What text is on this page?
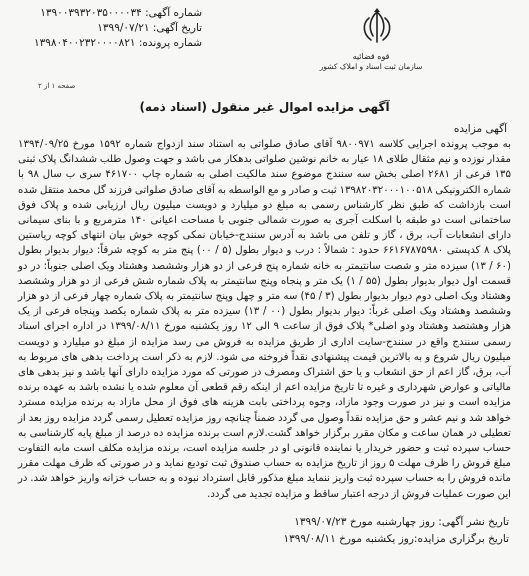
شماره آگهی: ۱۳۹۰۰۳۹۳۲۰۳۵۰۰۰۰۳۴
تاریخ آگهی: ۱۳۹۹/۰۷/۲۱
شماره پرونده: ۱۳۹۸۰۴۰۰۲۳۲۰۰۰۰۸۲۱
قوه قضائیه
سازمان ثبت اسناد و املاک کشور
صفحه ۱ از ۲
آگهی مزایده اموال غیر منقول (اسناد ذمه)
آگهی مزایده
به موجب پرونده اجرایی کلاسه ۹۸۰۰۹۷۱ آقای صادق صلواتی به استناد سند ازدواج شماره ۱۵۹۲ مورخ ۱۳۹۴/۰۹/۲۵ مقدار نوزده و نیم مثقال طلای ۱۸ عیار به خانم نوشین صلواتی بدهکار می باشد و جهت وصول طلب ششدانگ پلاک ثبتی ۱۳۵ فرعی از ۲۶۸۱ اصلی بخش سه سنندج موضوع سند مالکیت اصلی به شماره چاپ ۴۶۱۷۰۰ سری ب سال ۹۸ با شماره الکترونیکی ۱۳۹۸۲۰۳۲۰۰۰۱۰۰۵۱۸ ثبت و صادر و مع الواسطه به آقای صادق صلواتی فرزند گل محمد منتقل شده است بازداشت که طبق نظر کارشناس رسمی به مبلغ دو میلیارد و دویست میلیون ریال ارزیابی شده و پلاک فوق ساختمانی است دو طبقه با اسکلت آجری به صورت شمالی جنوبی با مساحت اعیانی ۱۴۰ مترمربع و با بنای سیمانی دارای انشعابات آب، برق ، گاز و تلفن می باشد به آدرس سنندج-خیابان نمکی کوچه خوش بیان انتهای کوچه ریاستین پلاک ۸ کدپستی ۶۶۱۶۷۸۷۵۹۸۰ حدود : شمالاً : درب و دیوار بطول (۵ / ۰۰) پنج متر به کوچه شرقاً: دیوار بدیوار بطول (۶۰ / ۱۳) سیزده متر و شصت سانتیمتر به خانه شماره پنج فرعی از دو هزار وششصد وهشتاد ویک اصلی جنوباً: در دو قسمت اول دیوار بدیوار بطول (۵۵ / ۱) یک متر و پنجاه وپنج سانتیمتر به پلاک شماره شش فرعی از دو هزار وششصد وهشتاد ویک اصلی دوم دیوار بدیوار بطول (۳ / ۴۵) سه متر و چهل وپنج سانتیمتر به پلاک شماره چهار فرعی از دو هزار وششصد وهشتاد ویک اصلی غرباً: دیوار بدیوار بطول (۰۰ / ۱۳) سیزده متر به پلاک شماره یکصد وپنجاه فرعی از یک هزار وهشتصد وهشتاد ودو اصلی* پلاک فوق از ساعت ۹ الی ۱۲ روز یکشنبه مورخ ۱۳۹۹/۰۸/۱۱ در اداره اجرای اسناد رسمی سنندج واقع در سنندج-سایت اداری از طریق مزایده به فروش می رسد مزایده از مبلغ دو میلیارد و دویست میلیون ریال شروع و به بالاترین قیمت پیشنهادی نقداً فروخته می شود. لازم به ذکر است پرداخت بدهی های مربوط به آب، برق، گاز اعم از حق انشعاب و یا حق اشتراک ومصرف در صورتی که مورد مزایده دارای آنها باشد و نیز بدهی های مالیاتی و عوارض شهرداری و غیره تا تاریخ مزایده اعم از اینکه رقم قطعی آن معلوم شده یا نشده باشد به عهده برنده مزایده است و نیز در صورت وجود مازاد، وجوه پرداختی بابت هزینه های فوق از محل مازاد به برنده مزایده مسترد خواهد شد و نیم عشر و حق مزایده نقداً وصول می گردد ضمناً چنانچه روز مزایده تعطیل رسمی گردد مزایده روز بعد از تعطیلی در همان ساعت و مکان مقرر برگزار خواهد گشت.لازم است برنده مزایده ده درصد از مبلغ پایه کارشناسی به حساب سپرده ثبت و حضور خریدار یا نماینده قانونی او در جلسه مزایده است، برنده مزایده مکلف است مابه التفاوت مبلغ فروش را ظرف مهلت ۵ روز از تاریخ مزایده به حساب صندوق ثبت تودیع نماید و در صورتی که ظرف مهلت مقرر مانده فروش را به حساب سپرده ثبت واریز ننماید مبلغ مذکور قابل استرداد نبوده و به حساب خزانه واریز خواهد شد. در این صورت عملیات فروش از درجه اعتبار ساقط و مزایده تجدید می گردد.
تاریخ نشر آگهی: روز چهارشنبه مورخ ۱۳۹۹/۰۷/۲۳
تاریخ برگزاری مزایده:روز یکشنبه مورخ ۱۳۹۹/۰۸/۱۱
